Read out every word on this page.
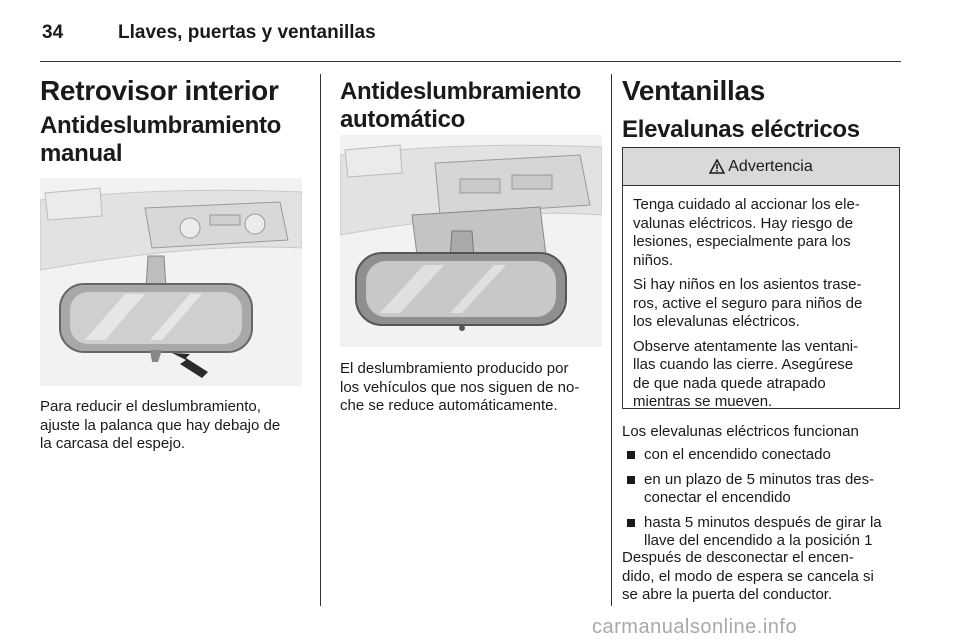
34	Llaves, puertas y ventanillas
Retrovisor interior
Antideslumbramiento
manual

Para reducir el deslumbramiento,
ajuste la palanca que hay debajo de
la carcasa del espejo.

Antideslumbramiento
automático

El deslumbramiento producido por
los vehículos que nos siguen de no-
che se reduce automáticamente.

Ventanillas
Elevalunas eléctricos
Advertencia

Tenga cuidado al accionar los ele-
valunas eléctricos. Hay riesgo de
lesiones, especialmente para los
niños.

Si hay niños en los asientos trase-
ros, active el seguro para niños de
los elevalunas eléctricos.

Observe atentamente las ventani-
llas cuando las cierre. Asegúrese
de que nada quede atrapado
mientras se mueven.

Los elevalunas eléctricos funcionan

con el encendido conectado
en un plazo de 5 minutos tras des-
conectar el encendido
hasta 5 minutos después de girar la
llave del encendido a la posición 1

Después de desconectar el encen-
dido, el modo de espera se cancela si
se abre la puerta del conductor.

carmanualsonline.info
